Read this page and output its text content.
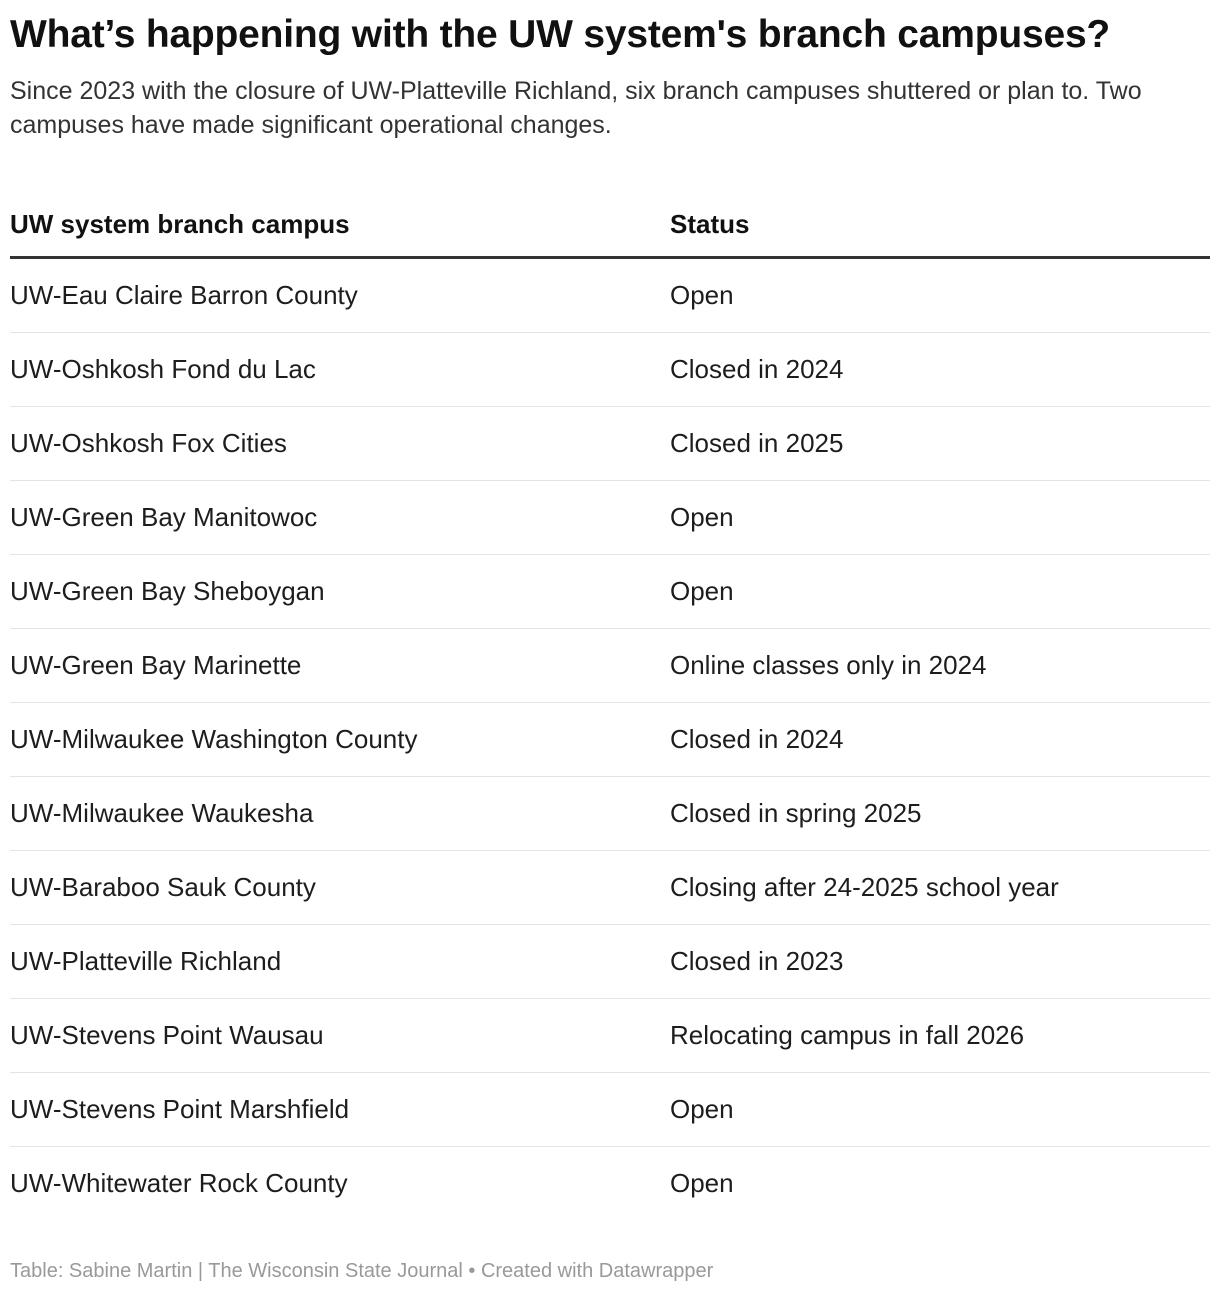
What’s happening with the UW system's branch campuses?

Since 2023 with the closure of UW-Platteville Richland, six branch campuses shuttered or plan to. Two campuses have made significant operational changes.

UW system branch campus	Status
UW-Eau Claire Barron County	Open
UW-Oshkosh Fond du Lac	Closed in 2024
UW-Oshkosh Fox Cities	Closed in 2025
UW-Green Bay Manitowoc	Open
UW-Green Bay Sheboygan	Open
UW-Green Bay Marinette	Online classes only in 2024
UW-Milwaukee Washington County	Closed in 2024
UW-Milwaukee Waukesha	Closed in spring 2025
UW-Baraboo Sauk County	Closing after 24-2025 school year
UW-Platteville Richland	Closed in 2023
UW-Stevens Point Wausau	Relocating campus in fall 2026
UW-Stevens Point Marshfield	Open
UW-Whitewater Rock County	Open
Table: Sabine Martin | The Wisconsin State Journal • Created with Datawrapper
